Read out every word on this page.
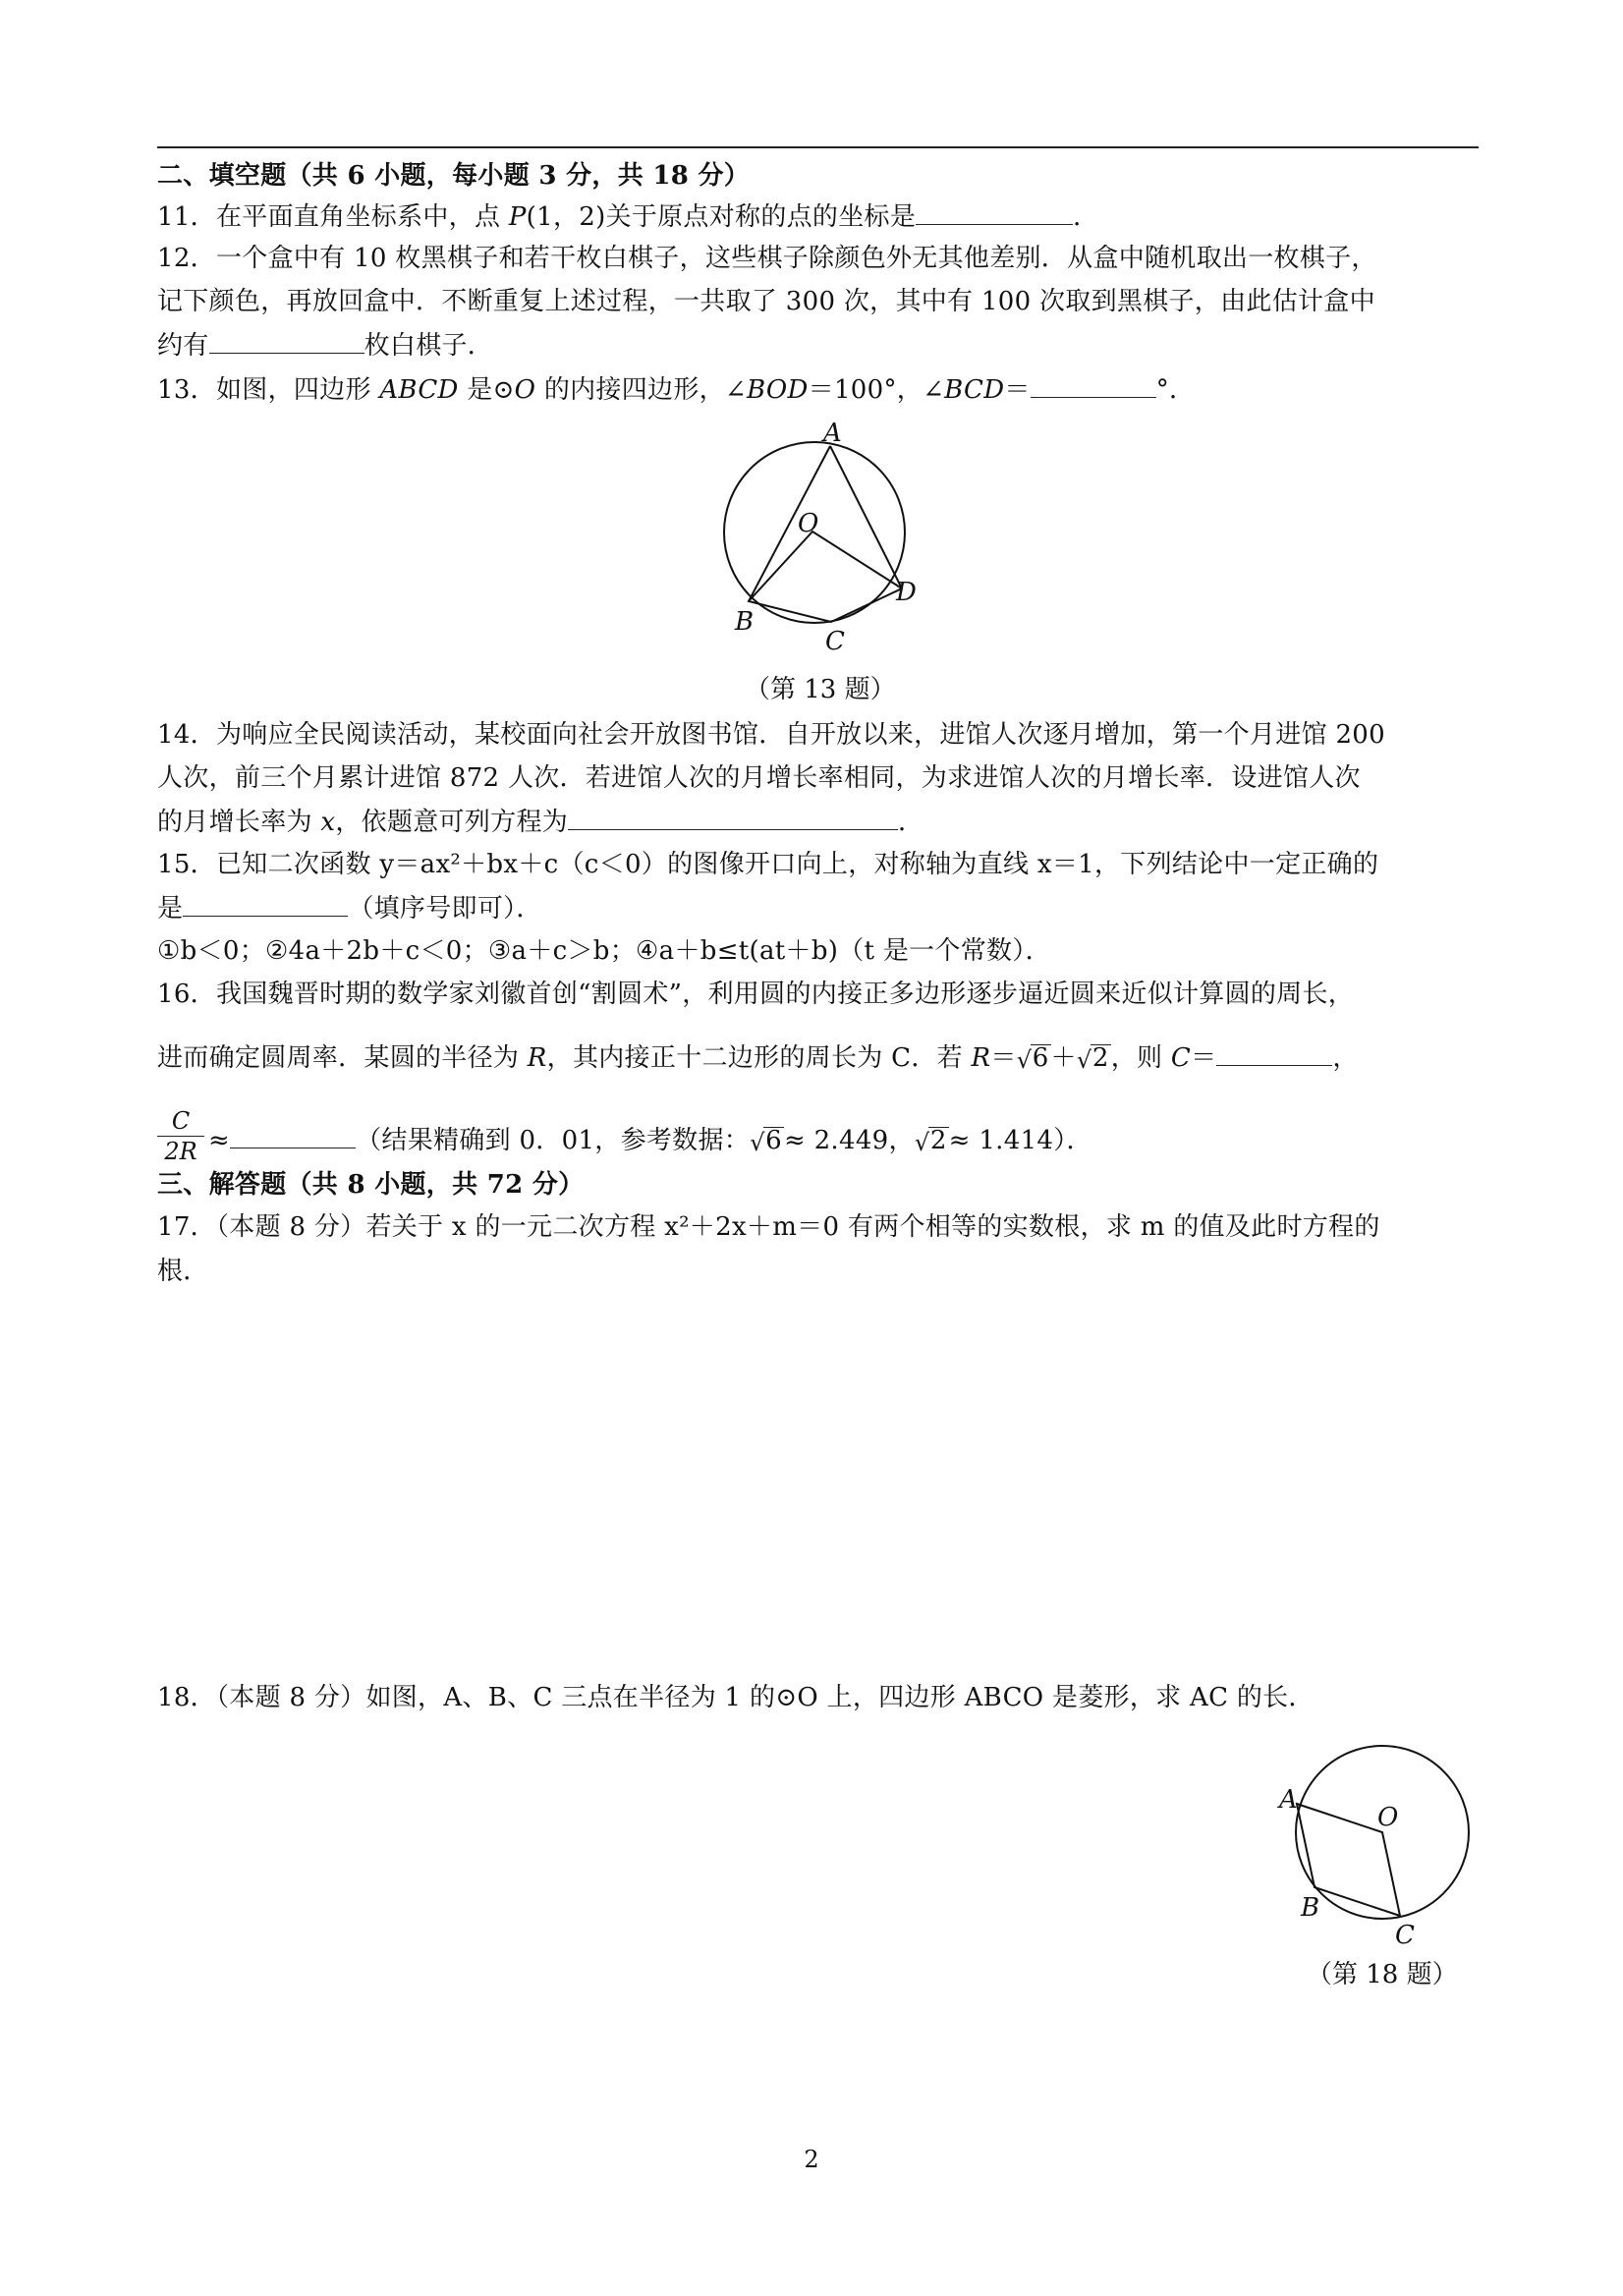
二、填空题（共 6 小题，每小题 3 分，共 18 分）
11．在平面直角坐标系中，点 P(1，2)关于原点对称的点的坐标是	．
12．一个盒中有 10 枚黑棋子和若干枚白棋子，这些棋子除颜色外无其他差别．从盒中随机取出一枚棋子，
记下颜色，再放回盒中．不断重复上述过程，一共取了 300 次，其中有 100 次取到黑棋子，由此估计盒中
约有	枚白棋子．
13．如图，四边形 ABCD 是⊙O 的内接四边形，∠BOD＝100°，∠BCD＝	°．
A
O
B
C
D
（第 13 题）
14．为响应全民阅读活动，某校面向社会开放图书馆．自开放以来，进馆人次逐月增加，第一个月进馆 200
人次，前三个月累计进馆 872 人次．若进馆人次的月增长率相同，为求进馆人次的月增长率．设进馆人次
的月增长率为 x，依题意可列方程为	．
15．已知二次函数 y＝ax²＋bx＋c（c＜0）的图像开口向上，对称轴为直线 x＝1，下列结论中一定正确的
是	（填序号即可）．
①b＜0；②4a＋2b＋c＜0；③a＋c＞b；④a＋b≤t(at＋b)（t 是一个常数）．
16．我国魏晋时期的数学家刘徽首创“割圆术”，利用圆的内接正多边形逐步逼近圆来近似计算圆的周长，
进而确定圆周率．某圆的半径为 R，其内接正十二边形的周长为 C．若 R＝ √ 6＋ √ 2，则 C＝	，
$\frac{C}{2R}$ ≈	（结果精确到 0．01，参考数据： √ 6≈ 2.449， √ 2≈ 1.414）．
三、解答题（共 8 小题，共 72 分）
17．（本题 8 分）若关于 x 的一元二次方程 x²＋2x＋m＝0 有两个相等的实数根，求 m 的值及此时方程的
根．
18．（本题 8 分）如图，A、B、C 三点在半径为 1 的⊙O 上，四边形 ABCO 是菱形，求 AC 的长．
A
O
B
C
（第 18 题）
2
